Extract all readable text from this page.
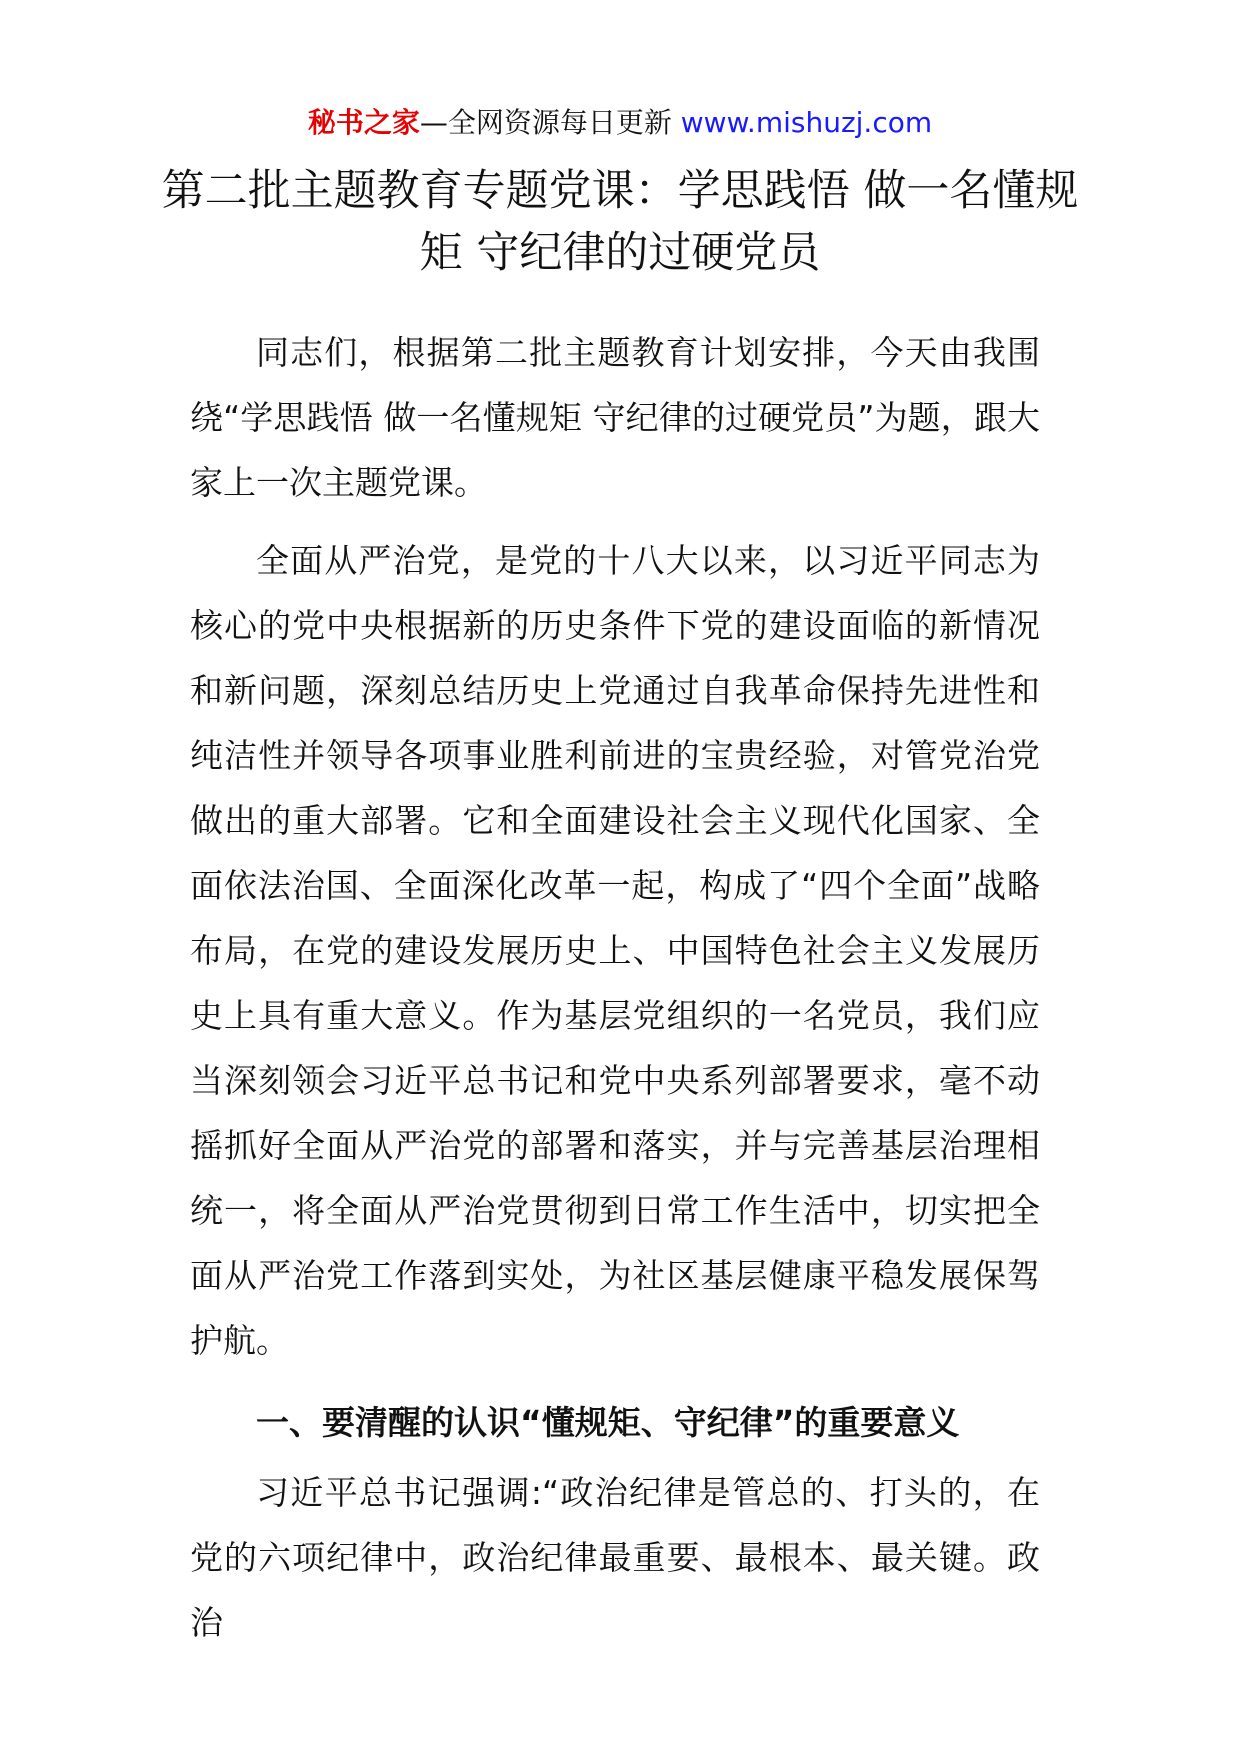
秘书之家—全网资源每日更新 www.mishuzj.com
第二批主题教育专题党课：学思践悟 做一名懂规矩 守纪律的过硬党员

同志们，根据第二批主题教育计划安排，今天由我围绕“学思践悟 做一名懂规矩 守纪律的过硬党员”为题，跟大家上一次主题党课。

全面从严治党，是党的十八大以来，以习近平同志为核心的党中央根据新的历史条件下党的建设面临的新情况和新问题，深刻总结历史上党通过自我革命保持先进性和纯洁性并领导各项事业胜利前进的宝贵经验，对管党治党做出的重大部署。它和全面建设社会主义现代化国家、全面依法治国、全面深化改革一起，构成了“四个全面”战略布局，在党的建设发展历史上、中国特色社会主义发展历史上具有重大意义。作为基层党组织的一名党员，我们应当深刻领会习近平总书记和党中央系列部署要求，毫不动摇抓好全面从严治党的部署和落实，并与完善基层治理相统一，将全面从严治党贯彻到日常工作生活中，切实把全面从严治党工作落到实处，为社区基层健康平稳发展保驾护航。

一、要清醒的认识“懂规矩、守纪律”的重要意义

习近平总书记强调:“政治纪律是管总的、打头的，在党的六项纪律中，政治纪律最重要、最根本、最关键。政治
